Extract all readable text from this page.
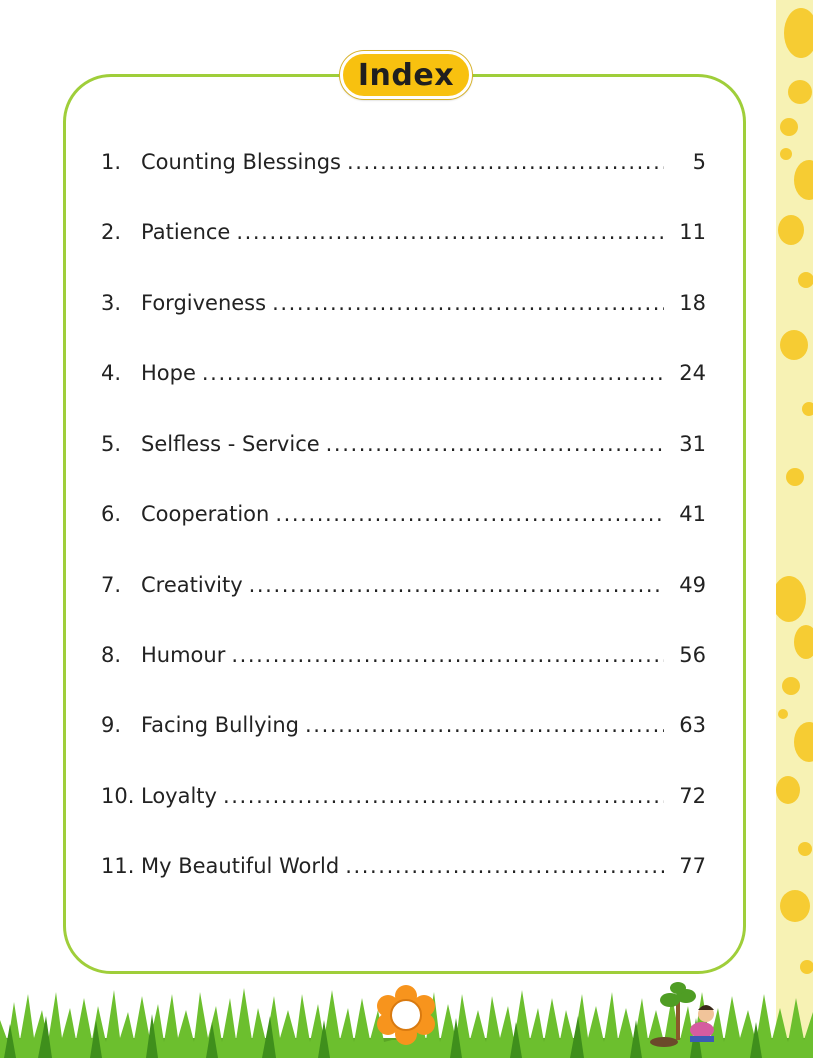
Index
1. Counting Blessings .....	5
2. Patience .....	11
3. Forgiveness .....	18
4. Hope .....	24
5. Selfless - Service .....	31
6. Cooperation .....	41
7. Creativity .....	49
8. Humour .....	56
9. Facing Bullying .....	63
10. Loyalty .....	72
11. My Beautiful World .....	77
